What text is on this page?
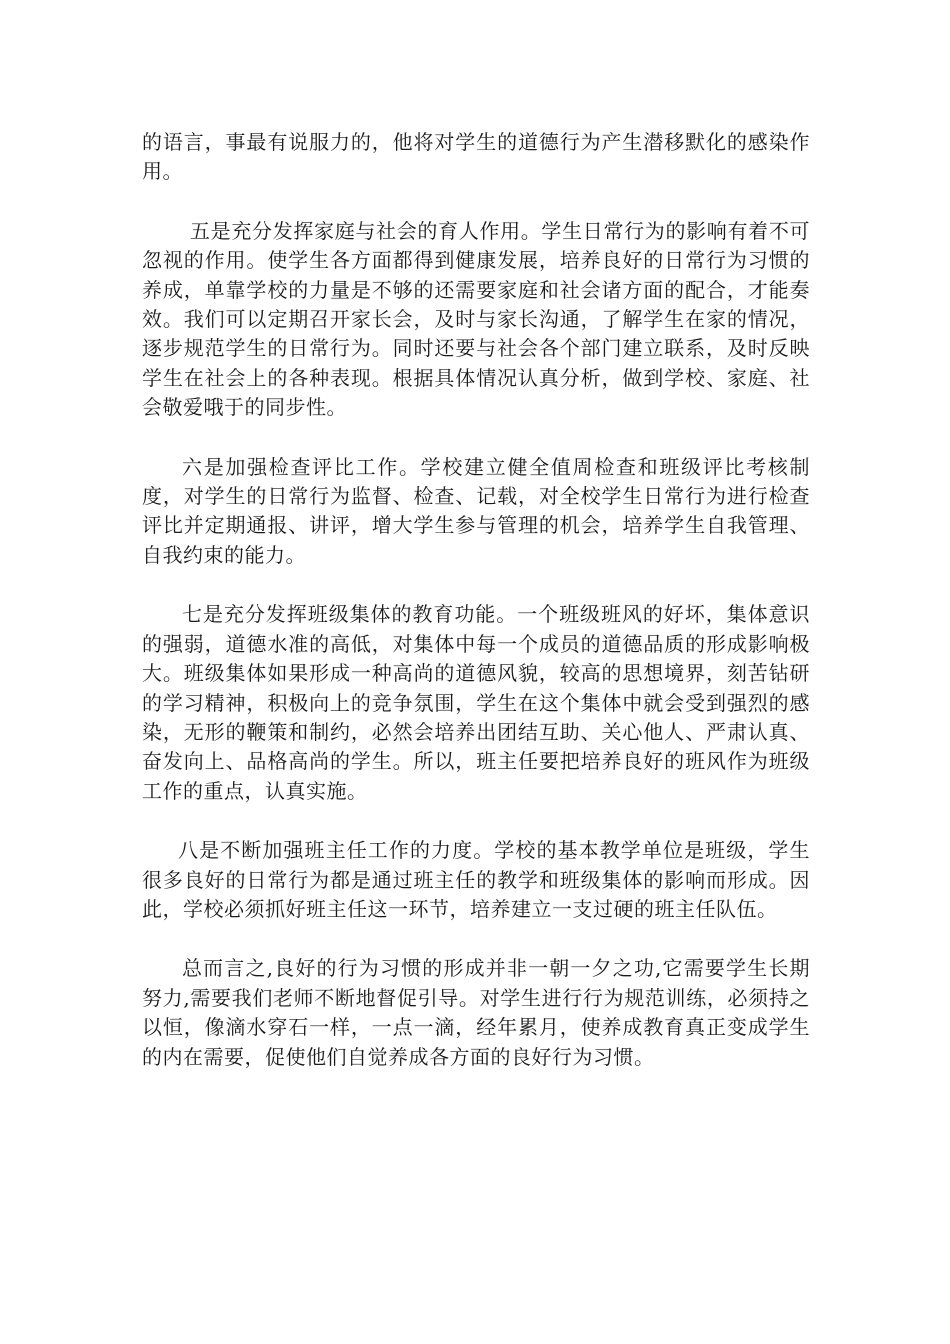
的语言，事最有说服力的，他将对学生的道德行为产生潜移默化的感染作用。

五是充分发挥家庭与社会的育人作用。学生日常行为的影响有着不可忽视的作用。使学生各方面都得到健康发展，培养良好的日常行为习惯的养成，单靠学校的力量是不够的还需要家庭和社会诸方面的配合，才能奏效。我们可以定期召开家长会，及时与家长沟通，了解学生在家的情况，逐步规范学生的日常行为。同时还要与社会各个部门建立联系，及时反映学生在社会上的各种表现。根据具体情况认真分析，做到学校、家庭、社会敬爱哦于的同步性。

六是加强检查评比工作。学校建立健全值周检查和班级评比考核制度，对学生的日常行为监督、检查、记载，对全校学生日常行为进行检查评比并定期通报、讲评，增大学生参与管理的机会，培养学生自我管理、自我约束的能力。

七是充分发挥班级集体的教育功能。一个班级班风的好坏，集体意识的强弱，道德水准的高低，对集体中每一个成员的道德品质的形成影响极大。班级集体如果形成一种高尚的道德风貌，较高的思想境界，刻苦钻研的学习精神，积极向上的竞争氛围，学生在这个集体中就会受到强烈的感染，无形的鞭策和制约，必然会培养出团结互助、关心他人、严肃认真、奋发向上、品格高尚的学生。所以，班主任要把培养良好的班风作为班级工作的重点，认真实施。

八是不断加强班主任工作的力度。学校的基本教学单位是班级，学生很多良好的日常行为都是通过班主任的教学和班级集体的影响而形成。因此，学校必须抓好班主任这一环节，培养建立一支过硬的班主任队伍。

总而言之,良好的行为习惯的形成并非一朝一夕之功,它需要学生长期努力,需要我们老师不断地督促引导。对学生进行行为规范训练，必须持之以恒，像滴水穿石一样，一点一滴，经年累月，使养成教育真正变成学生的内在需要，促使他们自觉养成各方面的良好行为习惯。
